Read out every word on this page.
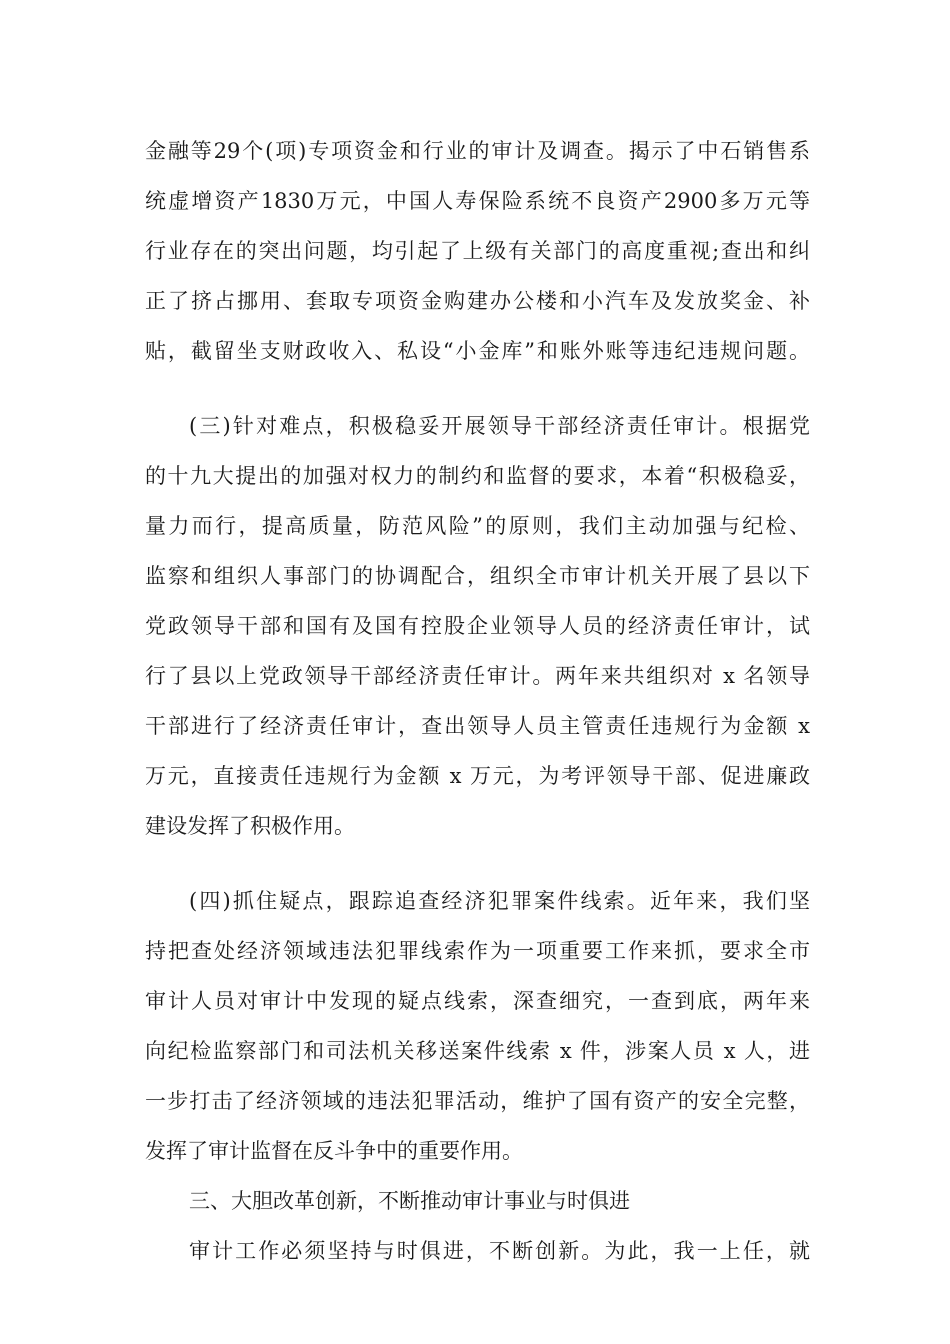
金融等29个(项)专项资金和行业的审计及调查。揭示了中石销售系
统虚增资产1830万元，中国人寿保险系统不良资产2900多万元等
行业存在的突出问题，均引起了上级有关部门的高度重视;查出和纠
正了挤占挪用、套取专项资金购建办公楼和小汽车及发放奖金、补
贴，截留坐支财政收入、私设“小金库”和账外账等违纪违规问题。
(三)针对难点，积极稳妥开展领导干部经济责任审计。根据党
的十九大提出的加强对权力的制约和监督的要求，本着“积极稳妥，
量力而行，提高质量，防范风险”的原则，我们主动加强与纪检、
监察和组织人事部门的协调配合，组织全市审计机关开展了县以下
党政领导干部和国有及国有控股企业领导人员的经济责任审计，试
行了县以上党政领导干部经济责任审计。两年来共组织对 x 名领导
干部进行了经济责任审计，查出领导人员主管责任违规行为金额 x
万元，直接责任违规行为金额 x 万元，为考评领导干部、促进廉政
建设发挥了积极作用。
(四)抓住疑点，跟踪追查经济犯罪案件线索。近年来，我们坚
持把查处经济领域违法犯罪线索作为一项重要工作来抓，要求全市
审计人员对审计中发现的疑点线索，深查细究，一查到底，两年来
向纪检监察部门和司法机关移送案件线索 x 件，涉案人员 x 人，进
一步打击了经济领域的违法犯罪活动，维护了国有资产的安全完整，
发挥了审计监督在反斗争中的重要作用。
三、大胆改革创新，不断推动审计事业与时俱进
审计工作必须坚持与时俱进，不断创新。为此，我一上任，就
